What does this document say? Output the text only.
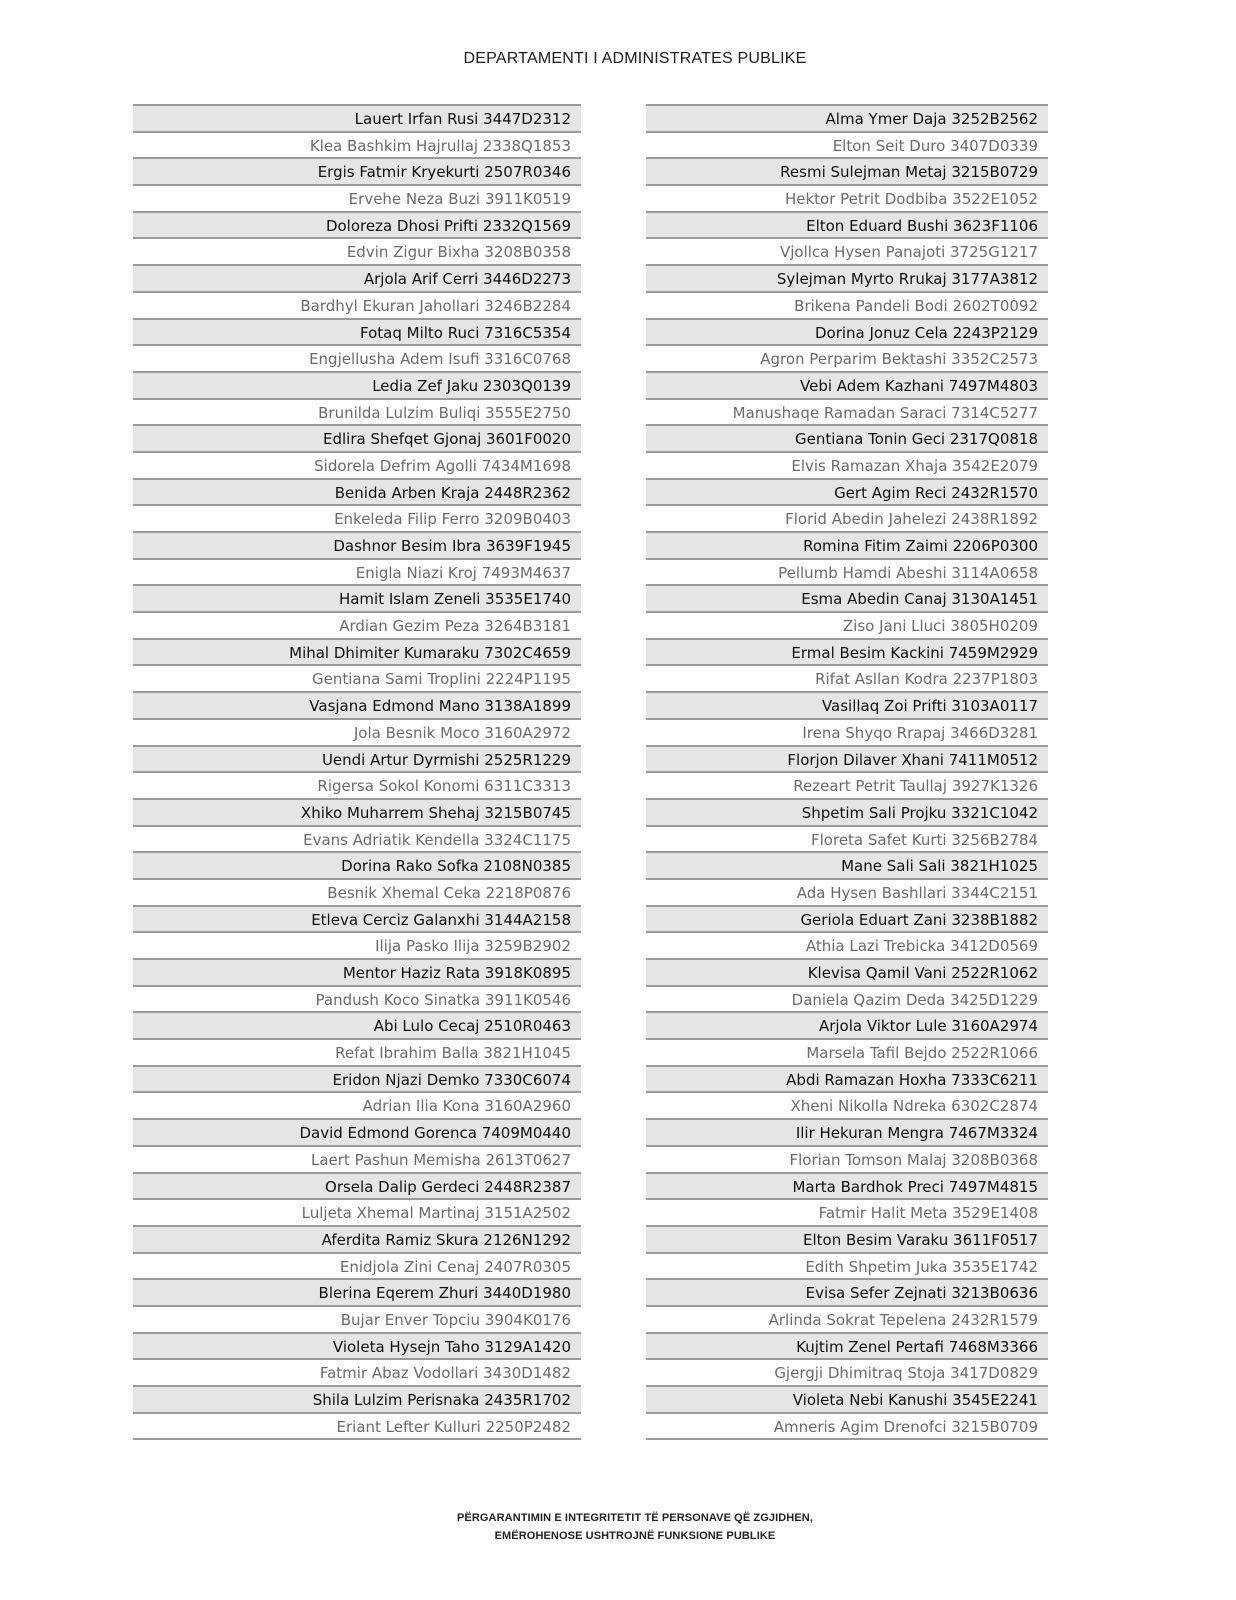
DEPARTAMENTI I ADMINISTRATES PUBLIKE
Lauert Irfan Rusi 3447D2312
Klea Bashkim Hajrullaj 2338Q1853
Ergis Fatmir Kryekurti 2507R0346
Ervehe Neza Buzi 3911K0519
Doloreza Dhosi Prifti 2332Q1569
Edvin Zigur Bixha 3208B0358
Arjola Arif Cerri 3446D2273
Bardhyl Ekuran Jahollari 3246B2284
Fotaq Milto Ruci 7316C5354
Engjellusha Adem Isufi 3316C0768
Ledia Zef Jaku 2303Q0139
Brunilda Lulzim Buliqi 3555E2750
Edlira Shefqet Gjonaj 3601F0020
Sidorela Defrim Agolli 7434M1698
Benida Arben Kraja 2448R2362
Enkeleda Filip Ferro 3209B0403
Dashnor Besim Ibra 3639F1945
Enigla Niazi Kroj 7493M4637
Hamit Islam Zeneli 3535E1740
Ardian Gezim Peza 3264B3181
Mihal Dhimiter Kumaraku 7302C4659
Gentiana Sami Troplini 2224P1195
Vasjana Edmond Mano 3138A1899
Jola Besnik Moco 3160A2972
Uendi Artur Dyrmishi 2525R1229
Rigersa Sokol Konomi 6311C3313
Xhiko Muharrem Shehaj 3215B0745
Evans Adriatik Kendella 3324C1175
Dorina Rako Sofka 2108N0385
Besnik Xhemal Ceka 2218P0876
Etleva Cerciz Galanxhi 3144A2158
Ilija Pasko Ilija 3259B2902
Mentor Haziz Rata 3918K0895
Pandush Koco Sinatka 3911K0546
Abi Lulo Cecaj 2510R0463
Refat Ibrahim Balla 3821H1045
Eridon Njazi Demko 7330C6074
Adrian Ilia Kona 3160A2960
David Edmond Gorenca 7409M0440
Laert Pashun Memisha 2613T0627
Orsela Dalip Gerdeci 2448R2387
Luljeta Xhemal Martinaj 3151A2502
Aferdita Ramiz Skura 2126N1292
Enidjola Zini Cenaj 2407R0305
Blerina Eqerem Zhuri 3440D1980
Bujar Enver Topciu 3904K0176
Violeta Hysejn Taho 3129A1420
Fatmir Abaz Vodollari 3430D1482
Shila Lulzim Perisnaka 2435R1702
Eriant Lefter Kulluri 2250P2482
Alma Ymer Daja 3252B2562
Elton Seit Duro 3407D0339
Resmi Sulejman Metaj 3215B0729
Hektor Petrit Dodbiba 3522E1052
Elton Eduard Bushi 3623F1106
Vjollca Hysen Panajoti 3725G1217
Sylejman Myrto Rrukaj 3177A3812
Brikena Pandeli Bodi 2602T0092
Dorina Jonuz Cela 2243P2129
Agron Perparim Bektashi 3352C2573
Vebi Adem Kazhani 7497M4803
Manushaqe Ramadan Saraci 7314C5277
Gentiana Tonin Geci 2317Q0818
Elvis Ramazan Xhaja 3542E2079
Gert Agim Reci 2432R1570
Florid Abedin Jahelezi 2438R1892
Romina Fitim Zaimi 2206P0300
Pellumb Hamdi Abeshi 3114A0658
Esma Abedin Canaj 3130A1451
Ziso Jani Lluci 3805H0209
Ermal Besim Kackini 7459M2929
Rifat Asllan Kodra 2237P1803
Vasillaq Zoi Prifti 3103A0117
Irena Shyqo Rrapaj 3466D3281
Florjon Dilaver Xhani 7411M0512
Rezeart Petrit Taullaj 3927K1326
Shpetim Sali Projku 3321C1042
Floreta Safet Kurti 3256B2784
Mane Sali Sali 3821H1025
Ada Hysen Bashllari 3344C2151
Geriola Eduart Zani 3238B1882
Athia Lazi Trebicka 3412D0569
Klevisa Qamil Vani 2522R1062
Daniela Qazim Deda 3425D1229
Arjola Viktor Lule 3160A2974
Marsela Tafil Bejdo 2522R1066
Abdi Ramazan Hoxha 7333C6211
Xheni Nikolla Ndreka 6302C2874
Ilir Hekuran Mengra 7467M3324
Florian Tomson Malaj 3208B0368
Marta Bardhok Preci 7497M4815
Fatmir Halit Meta 3529E1408
Elton Besim Varaku 3611F0517
Edith Shpetim Juka 3535E1742
Evisa Sefer Zejnati 3213B0636
Arlinda Sokrat Tepelena 2432R1579
Kujtim Zenel Pertafi 7468M3366
Gjergji Dhimitraq Stoja 3417D0829
Violeta Nebi Kanushi 3545E2241
Amneris Agim Drenofci 3215B0709
PËRGARANTIMIN E INTEGRITETIT TË PERSONAVE QË ZGJIDHEN,
EMËROHENOSE USHTROJNË FUNKSIONE PUBLIKE
